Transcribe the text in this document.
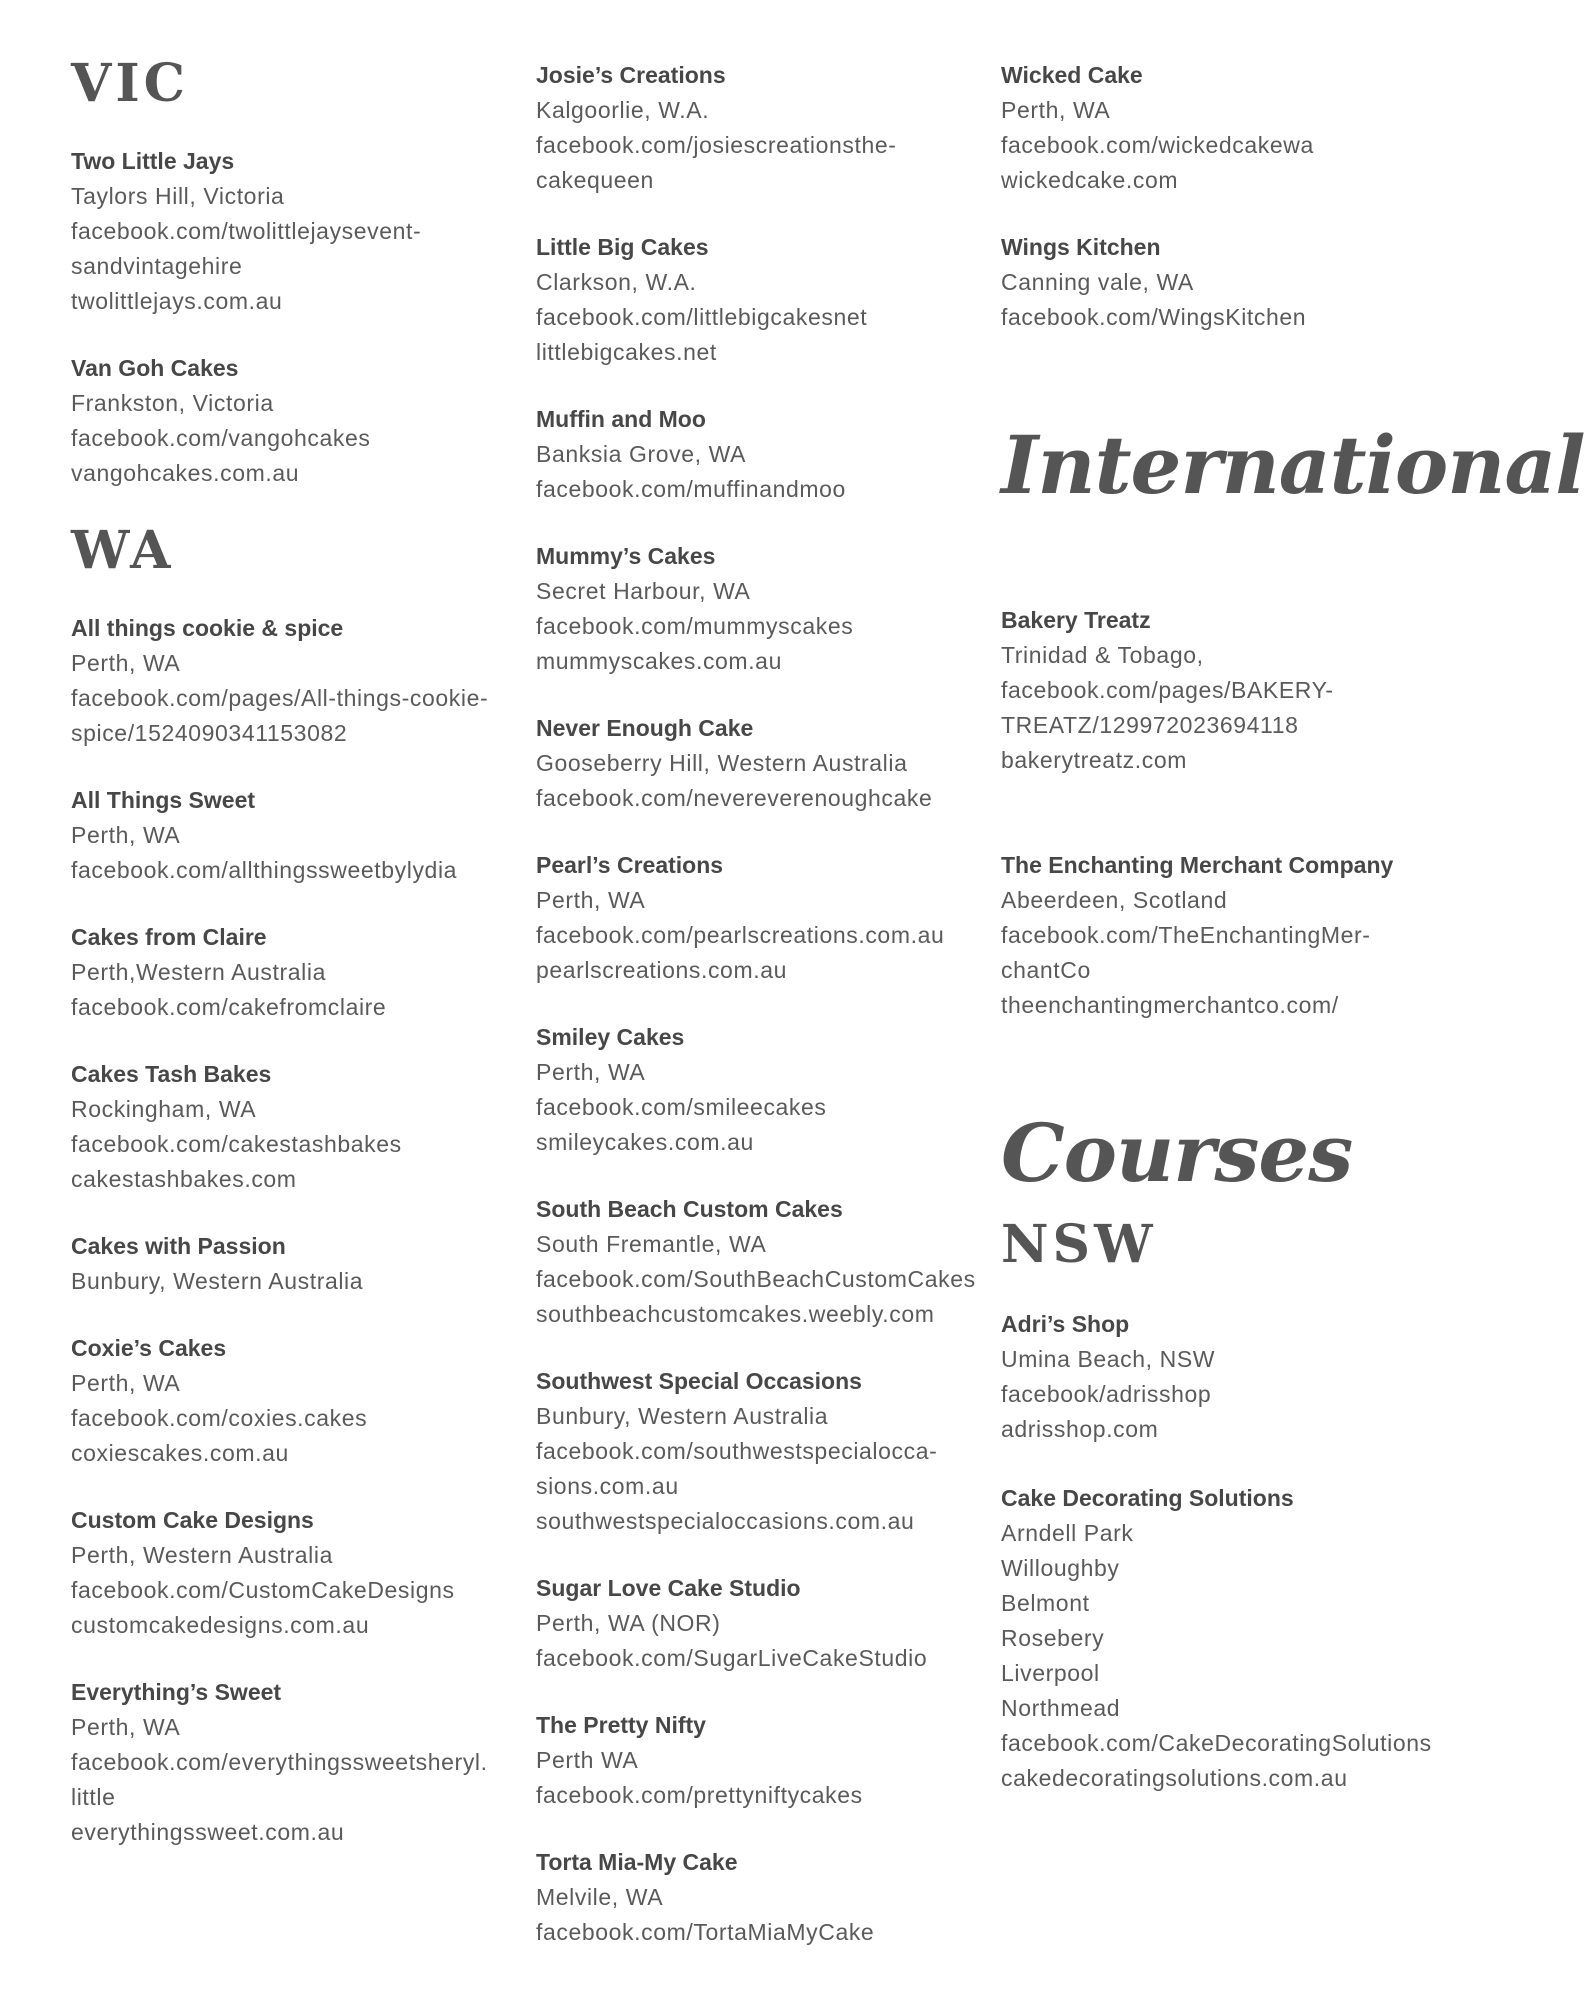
VIC
Two Little Jays
Taylors Hill, Victoria
facebook.com/twolittlejaysevent-
sandvintagehire
twolittlejays.com.au
Van Goh Cakes
Frankston, Victoria
facebook.com/vangohcakes
vangohcakes.com.au
WA
All things cookie & spice
Perth, WA
facebook.com/pages/All-things-cookie-
spice/1524090341153082
All Things Sweet
Perth, WA
facebook.com/allthingssweetbylydia
Cakes from Claire
Perth,Western Australia
facebook.com/cakefromclaire
Cakes Tash Bakes
Rockingham, WA
facebook.com/cakestashbakes
cakestashbakes.com
Cakes with Passion
Bunbury, Western Australia
Coxie’s Cakes
Perth, WA
facebook.com/coxies.cakes
coxiescakes.com.au
Custom Cake Designs
Perth, Western Australia
facebook.com/CustomCakeDesigns
customcakedesigns.com.au
Everything’s Sweet
Perth, WA
facebook.com/everythingssweetsheryl.
little
everythingssweet.com.au
Josie’s Creations
Kalgoorlie, W.A.
facebook.com/josiescreationsthe-
cakequeen
Little Big Cakes
Clarkson, W.A.
facebook.com/littlebigcakesnet
littlebigcakes.net
Muffin and Moo
Banksia Grove, WA
facebook.com/muffinandmoo
Mummy’s Cakes
Secret Harbour, WA
facebook.com/mummyscakes
mummyscakes.com.au
Never Enough Cake
Gooseberry Hill, Western Australia
facebook.com/nevereverenoughcake
Pearl’s Creations
Perth, WA
facebook.com/pearlscreations.com.au
pearlscreations.com.au
Smiley Cakes
Perth, WA
facebook.com/smileecakes
smileycakes.com.au
South Beach Custom Cakes
South Fremantle, WA
facebook.com/SouthBeachCustomCakes
southbeachcustomcakes.weebly.com
Southwest Special Occasions
Bunbury, Western Australia
facebook.com/southwestspecialocca-
sions.com.au
southwestspecialoccasions.com.au
Sugar Love Cake Studio
Perth, WA (NOR)
facebook.com/SugarLiveCakeStudio
The Pretty Nifty
Perth WA
facebook.com/prettyniftycakes
Torta Mia-My Cake
Melvile, WA
facebook.com/TortaMiaMyCake
Wicked Cake
Perth, WA
facebook.com/wickedcakewa
wickedcake.com
Wings Kitchen
Canning vale, WA
facebook.com/WingsKitchen
International
Bakery Treatz
Trinidad & Tobago,
facebook.com/pages/BAKERY-
TREATZ/129972023694118
bakerytreatz.com
The Enchanting Merchant Company
Abeerdeen, Scotland
facebook.com/TheEnchantingMer-
chantCo
theenchantingmerchantco.com/
Courses
NSW
Adri’s Shop
Umina Beach, NSW
facebook/adrisshop
adrisshop.com
Cake Decorating Solutions
Arndell Park
Willoughby
Belmont
Rosebery
Liverpool
Northmead
facebook.com/CakeDecoratingSolutions
cakedecoratingsolutions.com.au
